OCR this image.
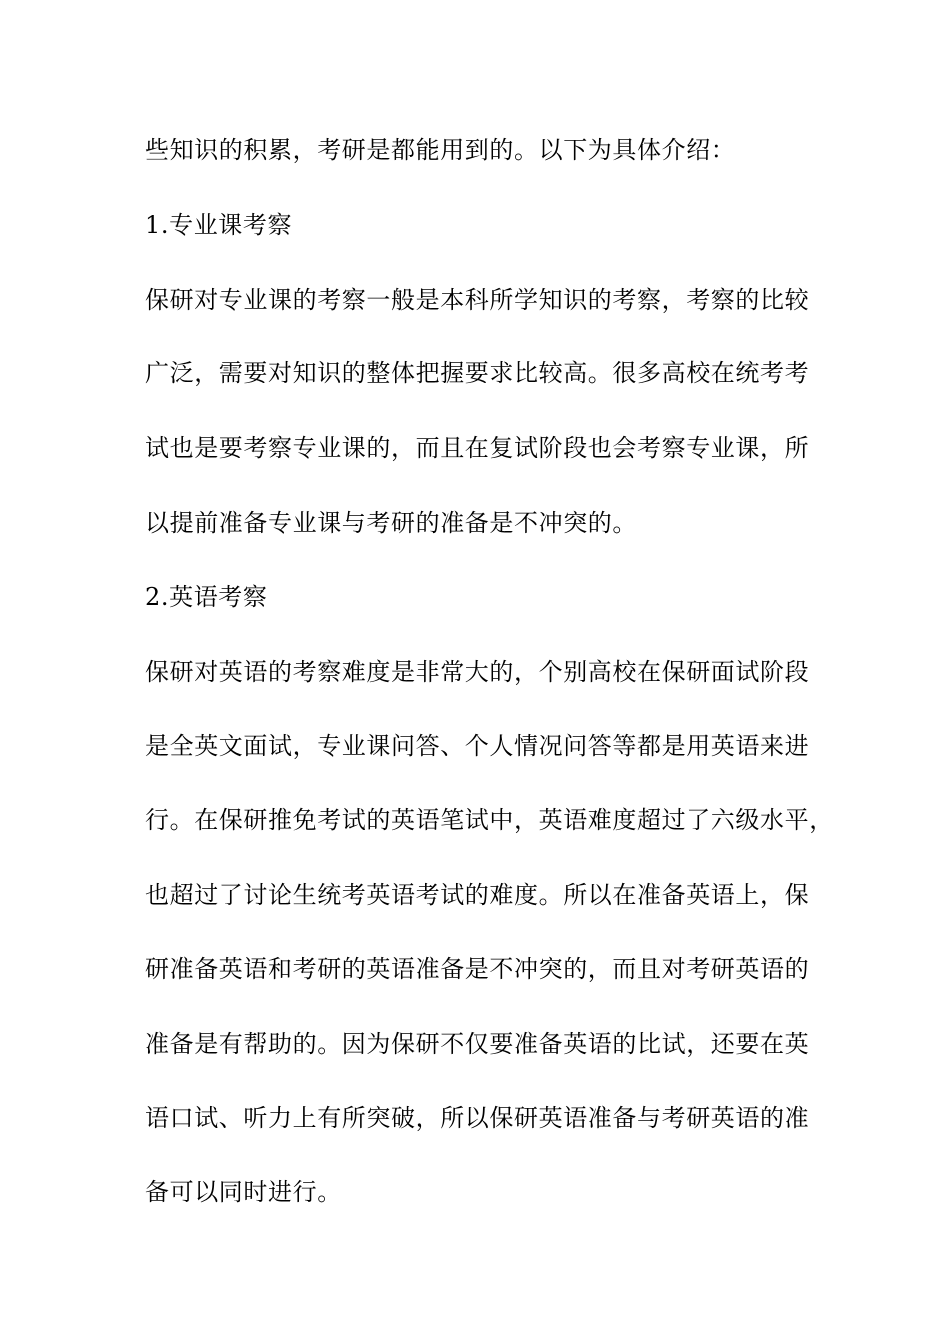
些知识的积累，考研是都能用到的。以下为具体介绍：

1.专业课考察

保研对专业课的考察一般是本科所学知识的考察，考察的比较

广泛，需要对知识的整体把握要求比较高。很多高校在统考考

试也是要考察专业课的，而且在复试阶段也会考察专业课，所

以提前准备专业课与考研的准备是不冲突的。

2.英语考察

保研对英语的考察难度是非常大的，个别高校在保研面试阶段

是全英文面试，专业课问答、个人情况问答等都是用英语来进

行。在保研推免考试的英语笔试中，英语难度超过了六级水平，

也超过了讨论生统考英语考试的难度。所以在准备英语上，保

研准备英语和考研的英语准备是不冲突的，而且对考研英语的

准备是有帮助的。因为保研不仅要准备英语的比试，还要在英

语口试、听力上有所突破，所以保研英语准备与考研英语的准

备可以同时进行。
